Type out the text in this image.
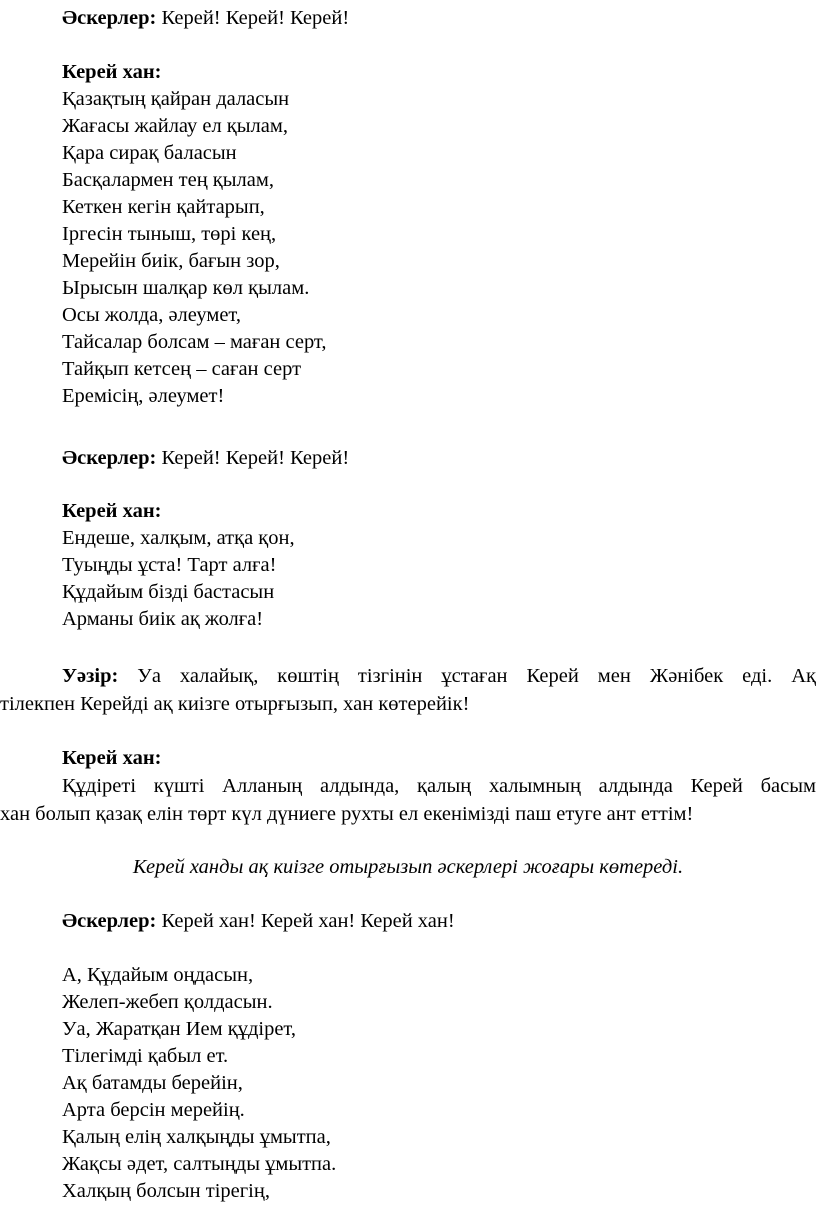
Әскерлер: Керей! Керей! Керей!
Керей хан:
Қазақтың қайран даласын
Жағасы жайлау ел қылам,
Қара сирақ баласын
Басқалармен тең қылам,
Кеткен кегін қайтарып,
Іргесін тыныш, төрі кең,
Мерейін биік, бағын зор,
Ырысын шалқар көл қылам.
Осы жолда, әлеумет,
Тайсалар болсам – маған серт,
Тайқып кетсең – саған серт
Еремісің, әлеумет!
Әскерлер: Керей! Керей! Керей!
Керей хан:
Ендеше, халқым, атқа қон,
Туыңды ұста! Тарт алға!
Құдайым бізді бастасын
Арманы биік ақ жолға!
Уәзір: Уа халайық, көштің тізгінін ұстаған Керей мен Жәнібек еді. Ақ
тілекпен Керейді ақ киізге отырғызып, хан көтерейік!
Керей хан:
Құдіреті күшті Алланың алдында, қалың халымның алдында Керей басым
хан болып қазақ елін төрт күл дүниеге рухты ел екенімізді паш етуге ант еттім!
Керей ханды ақ киізге отырғызып әскерлері жоғары көтереді.
Әскерлер: Керей хан! Керей хан! Керей хан!
А, Құдайым оңдасын,
Желеп-жебеп қолдасын.
Уа, Жаратқан Ием құдірет,
Тілегімді қабыл ет.
Ақ батамды берейін,
Арта берсін мерейің.
Қалың елің халқыңды ұмытпа,
Жақсы әдет, салтыңды ұмытпа.
Халқың болсын тірегің,
